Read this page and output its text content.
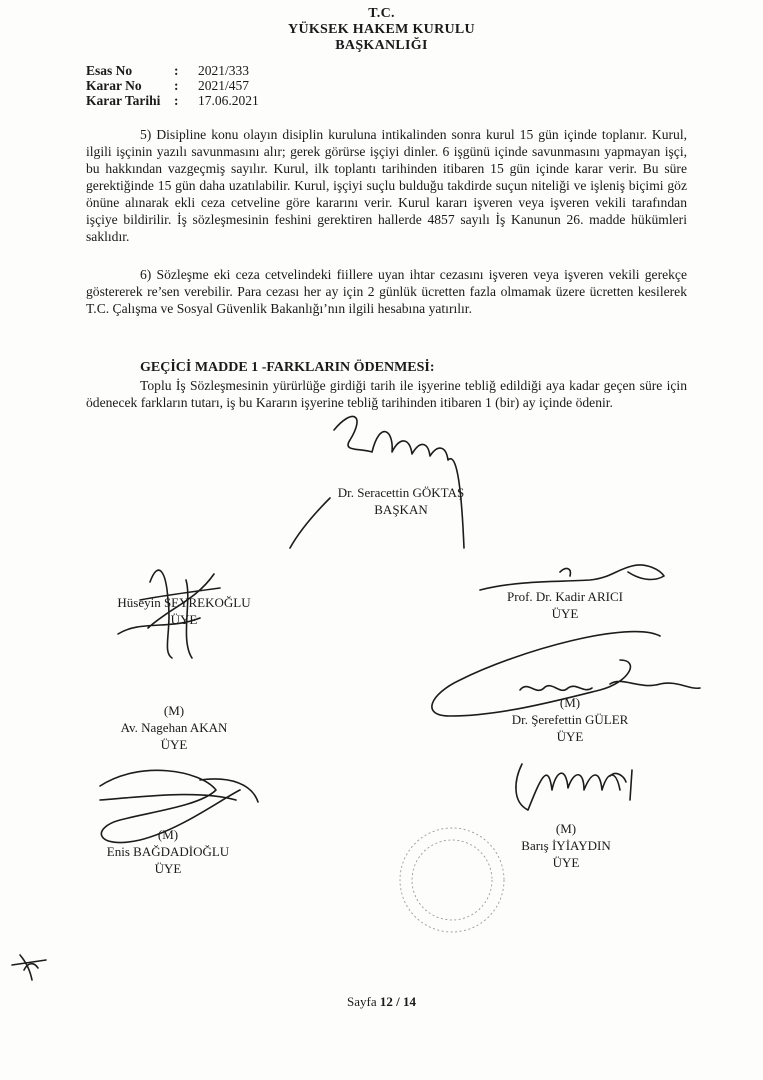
T.C.
YÜKSEK HAKEM KURULU
BAŞKANLIĞI
Esas No	: 2021/333
Karar No : 2021/457
Karar Tarihi : 17.06.2021
5) Disipline konu olayın disiplin kuruluna intikalinden sonra kurul 15 gün içinde toplanır. Kurul, ilgili işçinin yazılı savunmasını alır; gerek görürse işçiyi dinler. 6 işgünü içinde savunmasını yapmayan işçi, bu hakkından vazgeçmiş sayılır. Kurul, ilk toplantı tarihinden itibaren 15 gün içinde karar verir. Bu süre gerektiğinde 15 gün daha uzatılabilir. Kurul, işçiyi suçlu bulduğu takdirde suçun niteliği ve işleniş biçimi göz önüne alınarak ekli ceza cetveline göre kararını verir. Kurul kararı işveren veya işveren vekili tarafından işçiye bildirilir. İş sözleşmesinin feshini gerektiren hallerde 4857 sayılı İş Kanunun 26. madde hükümleri saklıdır.
6) Sözleşme eki ceza cetvelindeki fiillere uyan ihtar cezasını işveren veya işveren vekili gerekçe göstererek re’sen verebilir. Para cezası her ay için 2 günlük ücretten fazla olmamak üzere ücretten kesilerek T.C. Çalışma ve Sosyal Güvenlik Bakanlığı’nın ilgili hesabına yatırılır.
GEÇİCİ MADDE 1 -FARKLARIN ÖDENMESİ:
Toplu İş Sözleşmesinin yürürlüğe girdiği tarih ile işyerine tebliğ edildiği aya kadar geçen süre için ödenecek farkların tutarı, iş bu Kararın işyerine tebliğ tarihinden itibaren 1 (bir) ay içinde ödenir.
Dr. Seracettin GÖKTAŞ
BAŞKAN
Hüseyin SEYREKOĞLU
ÜYE
Prof. Dr. Kadir ARICI
ÜYE
(M)
Av. Nagehan AKAN
ÜYE
(M)
Dr. Şerefettin GÜLER
ÜYE
(M)
Enis BAĞDADİOĞLU
ÜYE
(M)
Barış İYİAYDIN
ÜYE
Sayfa 12 / 14
